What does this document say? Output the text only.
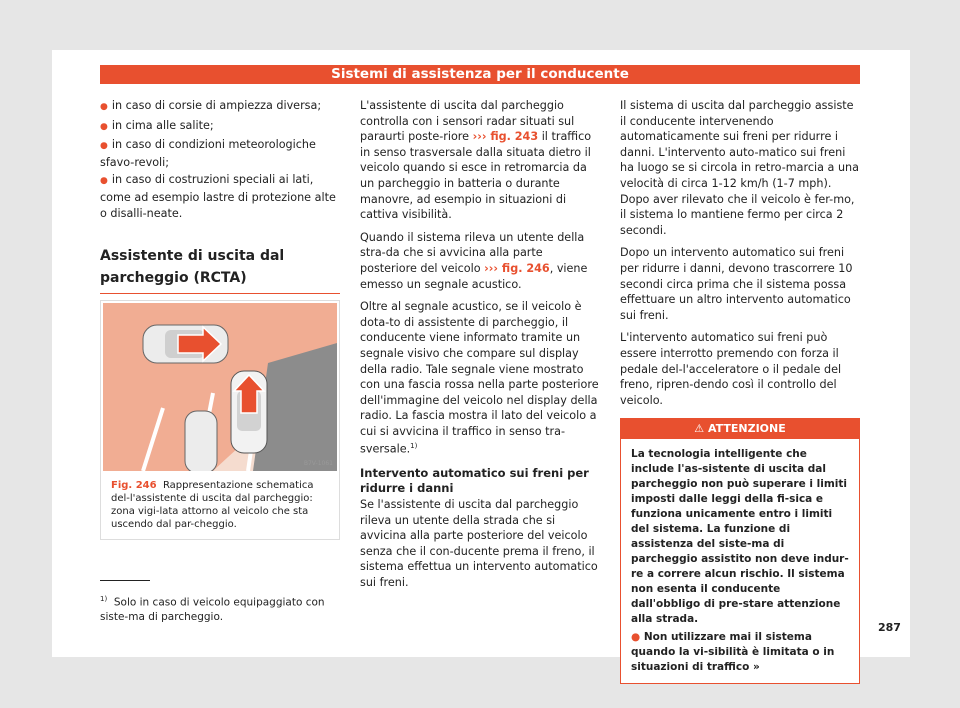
Sistemi di assistenza per il conducente
● in caso di corsie di ampiezza diversa;
● in cima alle salite;
● in caso di condizioni meteorologiche sfavo-revoli;
● in caso di costruzioni speciali ai lati, come ad esempio lastre di protezione alte o disalli-neate.
Assistente di uscita dal parcheggio (RCTA)
B7V-1061
Fig. 246 Rappresentazione schematica del-l'assistente di uscita dal parcheggio: zona vigi-lata attorno al veicolo che sta uscendo dal par-cheggio.

L'assistente di uscita dal parcheggio controlla con i sensori radar situati sul paraurti poste-riore ››› fig. 243 il traffico in senso trasversale dalla situata dietro il veicolo quando si esce in retromarcia da un parcheggio in batteria o durante manovre, ad esempio in situazioni di cattiva visibilità.

Quando il sistema rileva un utente della stra-da che si avvicina alla parte posteriore del veicolo ››› fig. 246, viene emesso un segnale acustico.

Oltre al segnale acustico, se il veicolo è dota-to di assistente di parcheggio, il conducente viene informato tramite un segnale visivo che compare sul display della radio. Tale segnale viene mostrato con una fascia rossa nella parte posteriore dell'immagine del veicolo nel display della radio. La fascia mostra il lato del veicolo a cui si avvicina il traffico in senso tra-sversale.$^{1)}$

Intervento automatico sui freni per ridurre i danni

Se l'assistente di uscita dal parcheggio rileva un utente della strada che si avvicina alla parte posteriore del veicolo senza che il con-ducente prema il freno, il sistema effettua un intervento automatico sui freni.

Il sistema di uscita dal parcheggio assiste il conducente intervenendo automaticamente sui freni per ridurre i danni. L'intervento auto-matico sui freni ha luogo se si circola in retro-marcia a una velocità di circa 1-12 km/h (1-7 mph). Dopo aver rilevato che il veicolo è fer-mo, il sistema lo mantiene fermo per circa 2 secondi.

Dopo un intervento automatico sui freni per ridurre i danni, devono trascorrere 10 secondi circa prima che il sistema possa effettuare un altro intervento automatico sui freni.

L'intervento automatico sui freni può essere interrotto premendo con forza il pedale del-l'acceleratore o il pedale del freno, ripren-dendo così il controllo del veicolo.

⚠ ATTENZIONE
La tecnologia intelligente che include l'as-sistente di uscita dal parcheggio non può superare i limiti imposti dalle leggi della fi-sica e funziona unicamente entro i limiti del sistema. La funzione di assistenza del siste-ma di parcheggio assistito non deve indur-re a correre alcun rischio. Il sistema non esenta il conducente dall'obbligo di pre-stare attenzione alla strada.
● Non utilizzare mai il sistema quando la vi-sibilità è limitata o in situazioni di traffico »
$^{1)}$ Solo in caso di veicolo equipaggiato con siste-ma di parcheggio.
287
